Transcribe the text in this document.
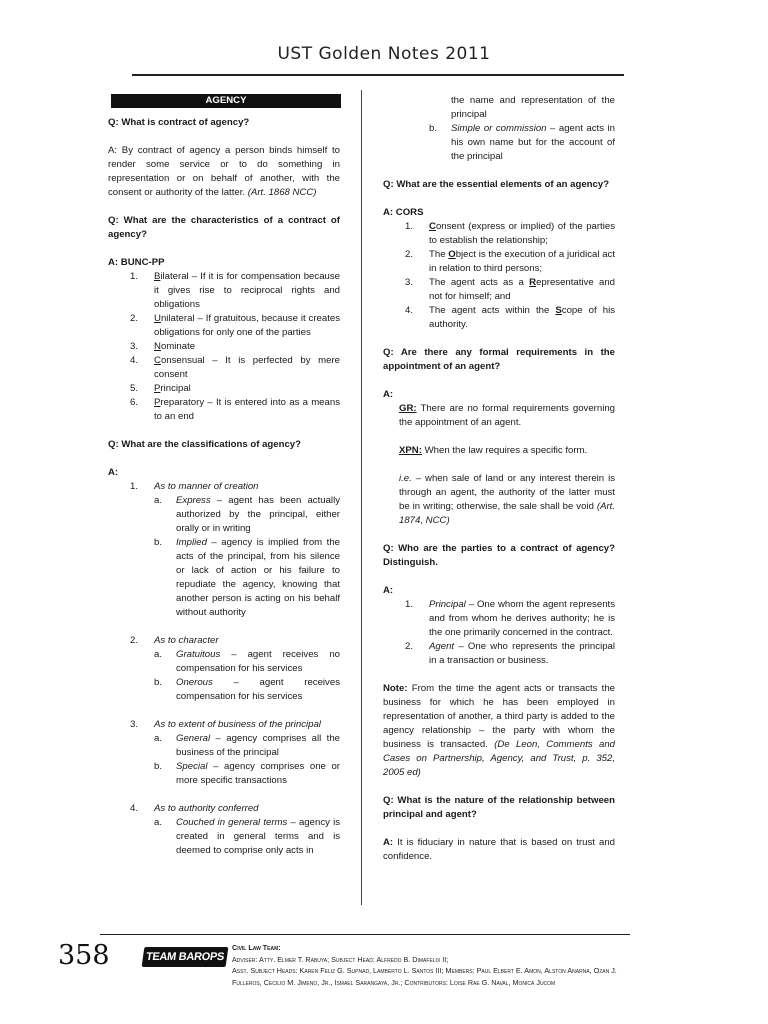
UST Golden Notes 2011
AGENCY

Q: What is contract of agency?

A: By contract of agency a person binds himself to render some service or to do something in representation or on behalf of another, with the consent or authority of the latter. (Art. 1868 NCC)

Q: What are the characteristics of a contract of agency?

A: BUNC-PP

1. Bilateral – If it is for compensation because it gives rise to reciprocal rights and obligations

2. Unilateral – If gratuitous, because it creates obligations for only one of the parties

3. Nominate

4. Consensual – It is perfected by mere consent

5. Principal

6. Preparatory – It is entered into as a means to an end

Q: What are the classifications of agency?

A:

1. As to manner of creation

a. Express – agent has been actually authorized by the principal, either orally or in writing

b. Implied – agency is implied from the acts of the principal, from his silence or lack of action or his failure to repudiate the agency, knowing that another person is acting on his behalf without authority

2. As to character

a. Gratuitous – agent receives no compensation for his services

b. Onerous – agent receives compensation for his services

3. As to extent of business of the principal

a. General – agency comprises all the business of the principal

b. Special – agency comprises one or more specific transactions

4. As to authority conferred

a. Couched in general terms – agency is created in general terms and is deemed to comprise only acts in

the name and representation of the principal

b. Simple or commission – agent acts in his own name but for the account of the principal

Q: What are the essential elements of an agency?

A: CORS

1. Consent (express or implied) of the parties to establish the relationship;

2. The Object is the execution of a juridical act in relation to third persons;

3. The agent acts as a Representative and not for himself; and

4. The agent acts within the Scope of his authority.

Q: Are there any formal requirements in the appointment of an agent?

A:

GR: There are no formal requirements governing the appointment of an agent.

XPN: When the law requires a specific form.

i.e. – when sale of land or any interest therein is through an agent, the authority of the latter must be in writing; otherwise, the sale shall be void (Art. 1874, NCC)

Q: Who are the parties to a contract of agency? Distinguish.

A:

1. Principal – One whom the agent represents and from whom he derives authority; he is the one primarily concerned in the contract.

2. Agent – One who represents the principal in a transaction or business.

Note: From the time the agent acts or transacts the business for which he has been employed in representation of another, a third party is added to the agency relationship – the party with whom the business is transacted. (De Leon, Comments and Cases on Partnership, Agency, and Trust, p. 352, 2005 ed)

Q: What is the nature of the relationship between principal and agent?

A: It is fiduciary in nature that is based on trust and confidence.

358	TEAM BAROPS
Civil Law Team:
Adviser: Atty. Elmer T. Rabuya; Subject Head: Alfredo B. Dimafelix II;
Asst. Subject Heads: Karen Feliz G. Supnad, Lamberto L. Santos III; Members: Paul Elbert E. Amon, Alston Anarna, Ozan J.
Fulleros, Cecilio M. Jimeno, Jr., Ismael Sarangaya, Jr.; Contributors: Loise Rae G. Naval, Monica Jucom
